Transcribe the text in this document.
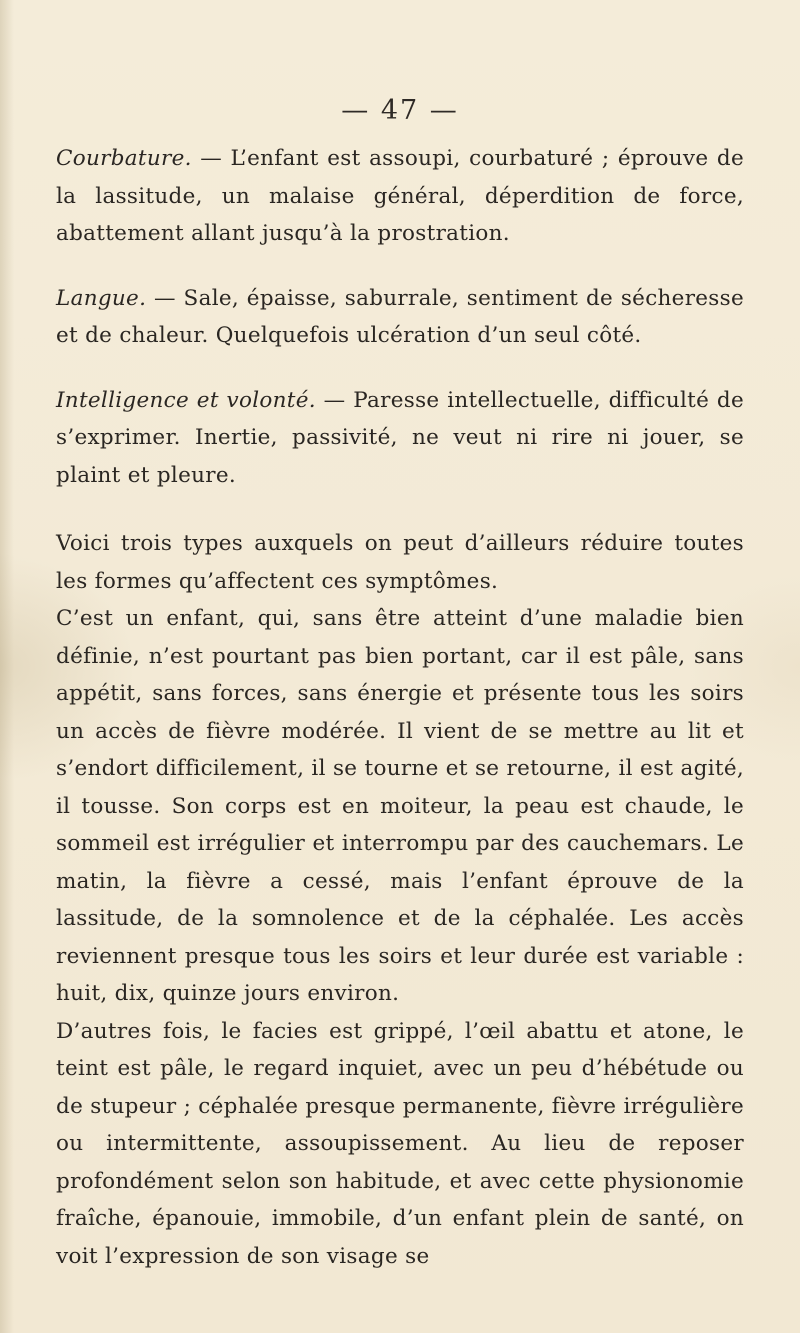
— 47 —

Courbature. — L’enfant est assoupi, courbaturé ; éprouve de la lassitude, un malaise général, déperdition de force, abattement allant jusqu’à la prostration.

Langue. — Sale, épaisse, saburrale, sentiment de sécheresse et de chaleur. Quelquefois ulcération d’un seul côté.

Intelligence et volonté. — Paresse intellectuelle, difficulté de s’exprimer. Inertie, passivité, ne veut ni rire ni jouer, se plaint et pleure.

Voici trois types auxquels on peut d’ailleurs réduire toutes les formes qu’affectent ces symptômes.

C’est un enfant, qui, sans être atteint d’une maladie bien définie, n’est pourtant pas bien portant, car il est pâle, sans appétit, sans forces, sans énergie et présente tous les soirs un accès de fièvre modérée. Il vient de se mettre au lit et s’endort difficilement, il se tourne et se retourne, il est agité, il tousse. Son corps est en moiteur, la peau est chaude, le sommeil est irrégulier et interrompu par des cauchemars. Le matin, la fièvre a cessé, mais l’enfant éprouve de la lassitude, de la somnolence et de la céphalée. Les accès reviennent presque tous les soirs et leur durée est variable : huit, dix, quinze jours environ.

D’autres fois, le facies est grippé, l’œil abattu et atone, le teint est pâle, le regard inquiet, avec un peu d’hébétude ou de stupeur ; céphalée presque permanente, fièvre irrégulière ou intermittente, assoupissement. Au lieu de reposer profondément selon son habitude, et avec cette physionomie fraîche, épanouie, immobile, d’un enfant plein de santé, on voit l’expression de son visage se
